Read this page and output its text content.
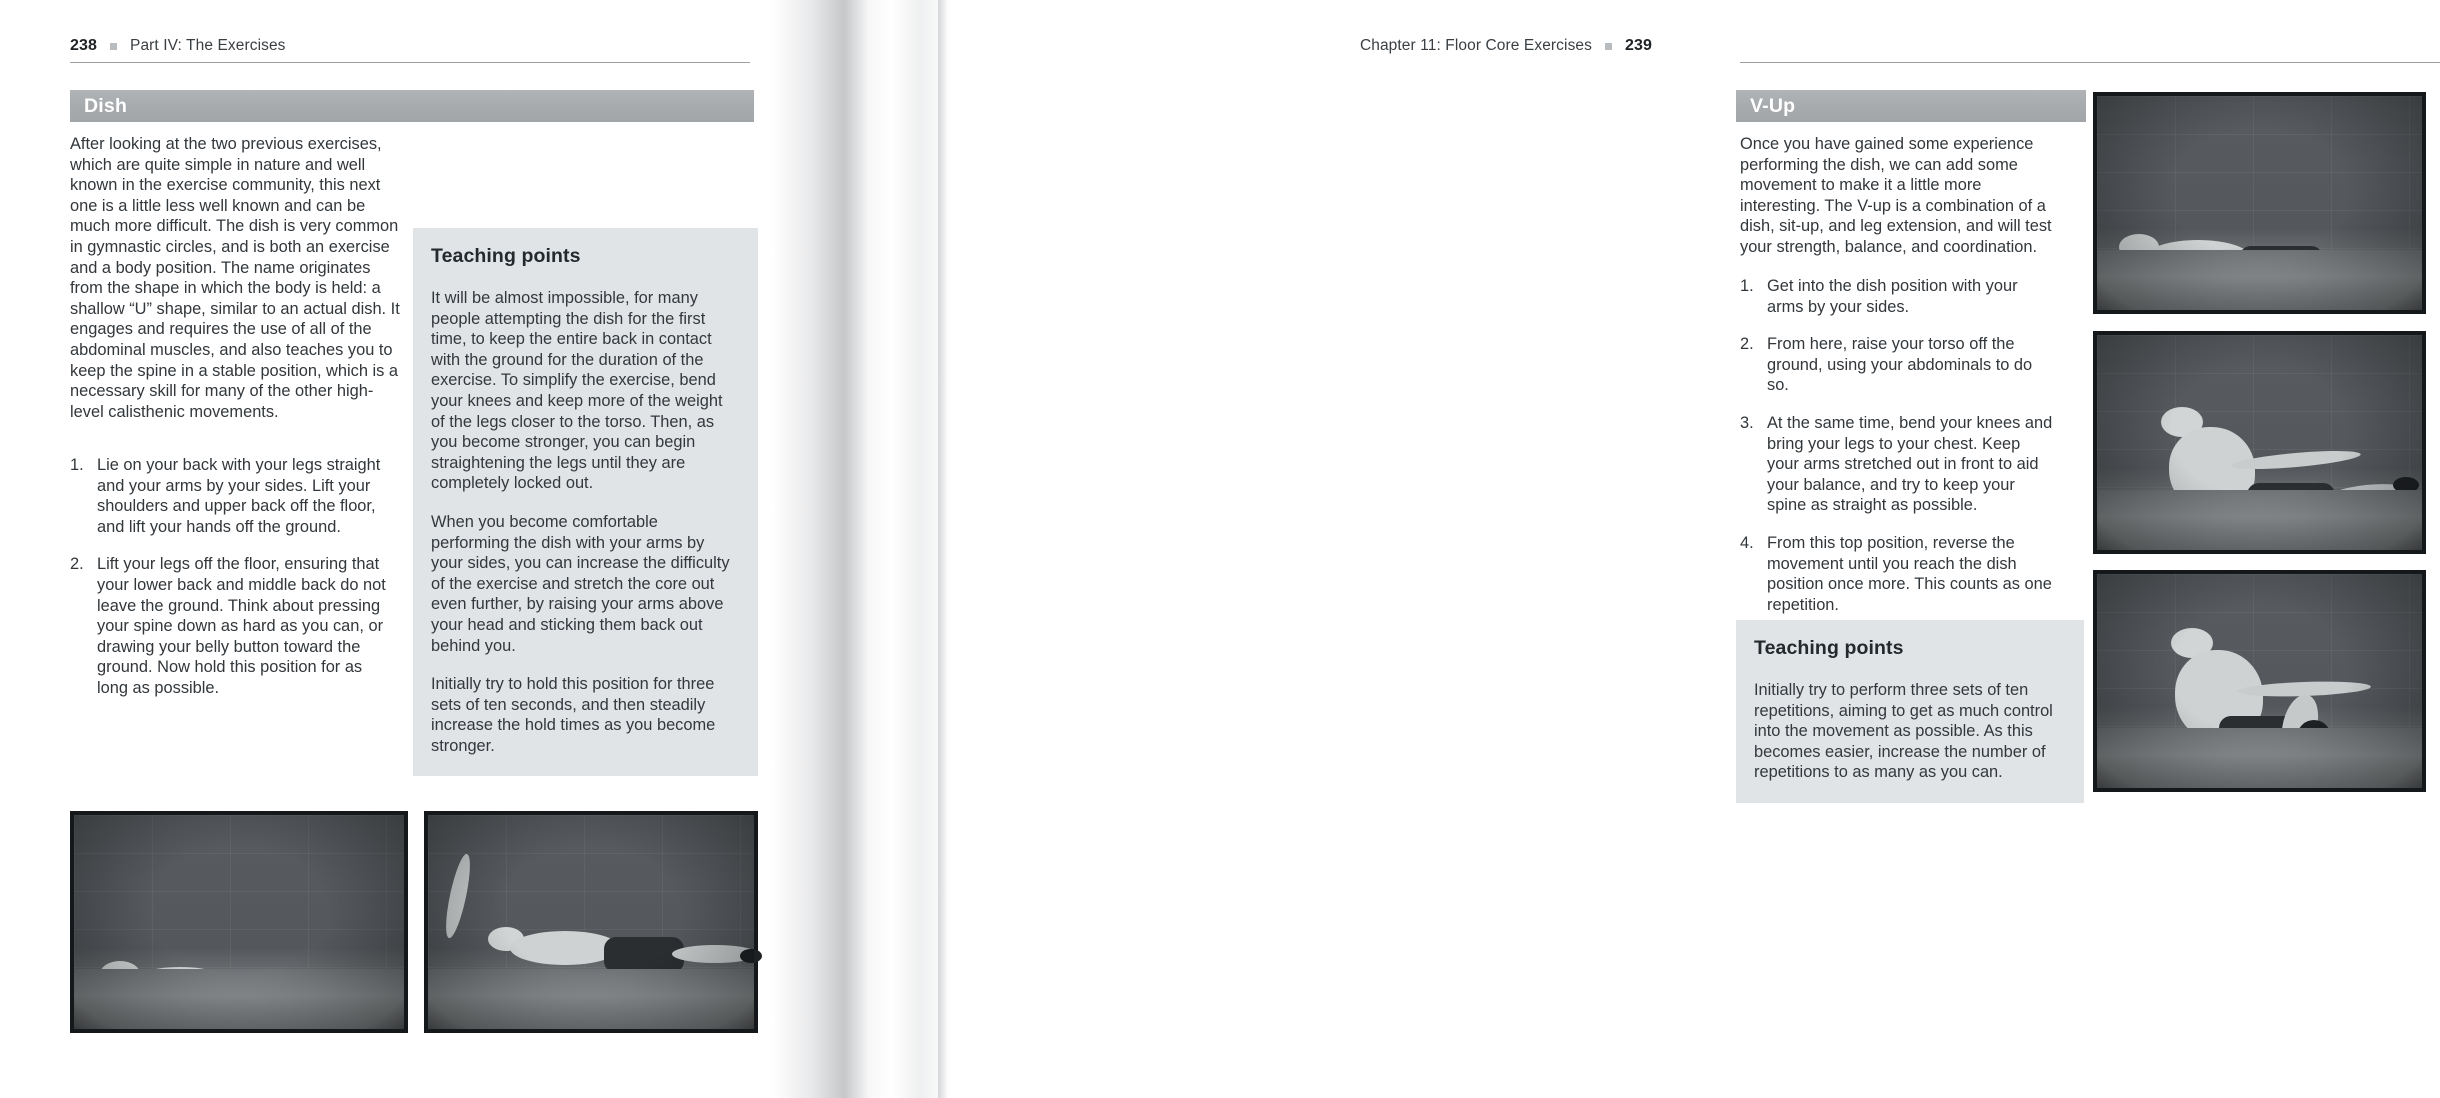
238 Part IV: The Exercises
Dish

After looking at the two previous exercises, which are quite simple in nature and well known in the exercise community, this next one is a little less well known and can be much more difficult. The dish is very common in gymnastic circles, and is both an exercise and a body position. The name originates from the shape in which the body is held: a shallow “U” shape, similar to an actual dish. It engages and requires the use of all of the abdominal muscles, and also teaches you to keep the spine in a stable position, which is a necessary skill for many of the other high-level calisthenic movements.

Lie on your back with your legs straight and your arms by your sides. Lift your shoulders and upper back off the floor, and lift your hands off the ground.
Lift your legs off the floor, ensuring that your lower back and middle back do not leave the ground. Think about pressing your spine down as hard as you can, or drawing your belly button toward the ground. Now hold this position for as long as possible.
Teaching points

It will be almost impossible, for many people attempting the dish for the first time, to keep the entire back in contact with the ground for the duration of the exercise. To simplify the exercise, bend your knees and keep more of the weight of the legs closer to the torso. Then, as you become stronger, you can begin straightening the legs until they are completely locked out.

When you become comfortable performing the dish with your arms by your sides, you can increase the difficulty of the exercise and stretch the core out even further, by raising your arms above your head and sticking them back out behind you.

Initially try to hold this position for three sets of ten seconds, and then steadily increase the hold times as you become stronger.

Chapter 11: Floor Core Exercises 239
V-Up

Once you have gained some experience performing the dish, we can add some movement to make it a little more interesting. The V-up is a combination of a dish, sit-up, and leg extension, and will test your strength, balance, and coordination.

Get into the dish position with your arms by your sides.
From here, raise your torso off the ground, using your abdominals to do so.
At the same time, bend your knees and bring your legs to your chest. Keep your arms stretched out in front to aid your balance, and try to keep your spine as straight as possible.
From this top position, reverse the movement until you reach the dish position once more. This counts as one repetition.
Teaching points

Initially try to perform three sets of ten repetitions, aiming to get as much control into the movement as possible. As this becomes easier, increase the number of repetitions to as many as you can.
